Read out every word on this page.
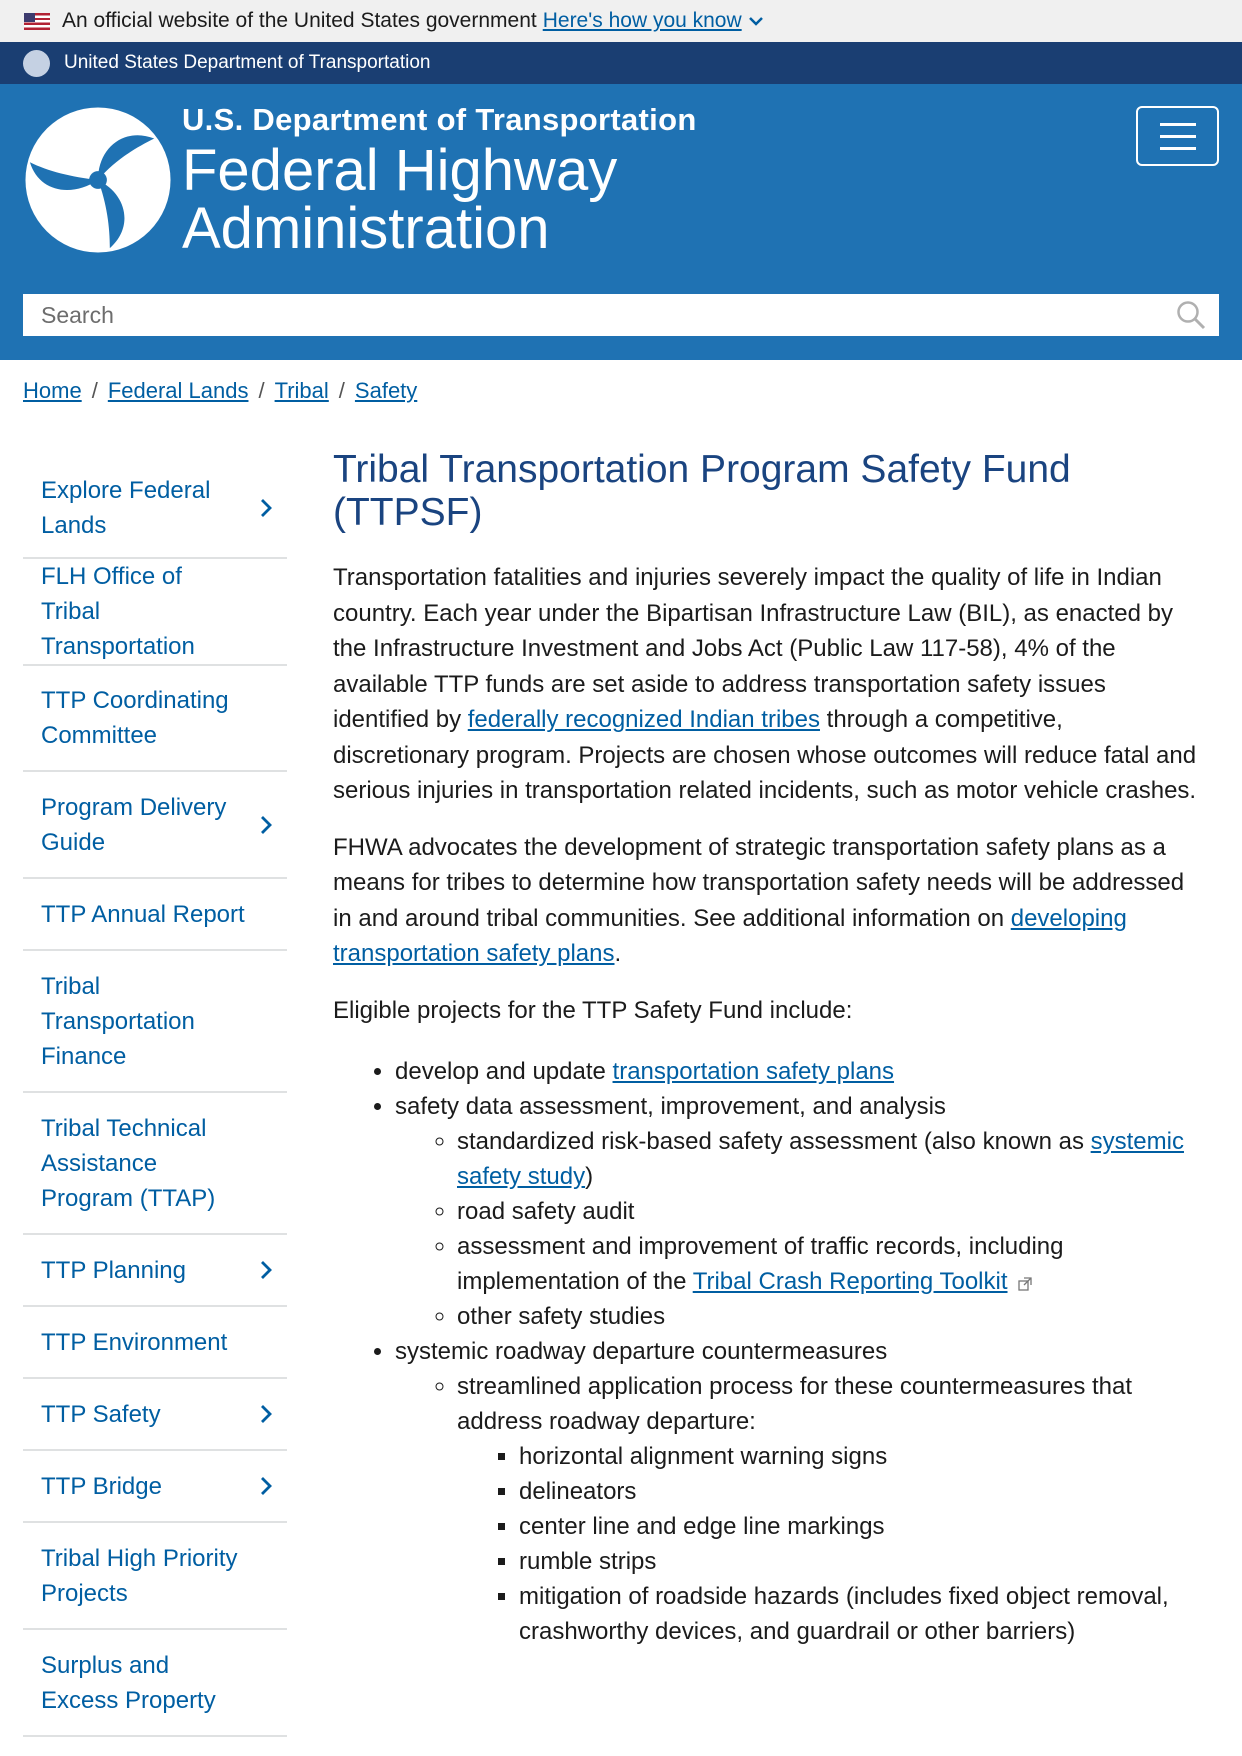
An official website of the United States government Here's how you know
United States Department of Transportation
U.S. Department of Transportation
Federal Highway
Administration
Search
Home / Federal Lands / Tribal / Safety
Explore Federal Lands
FLH Office of Tribal Transportation
TTP Coordinating Committee
Program Delivery Guide
TTP Annual Report
Tribal Transportation Finance
Tribal Technical Assistance Program (TTAP)
TTP Planning
TTP Environment
TTP Safety
TTP Bridge
Tribal High Priority Projects
Surplus and Excess Property
Tribal Transportation Program Safety Fund (TTPSF)

Transportation fatalities and injuries severely impact the quality of life in Indian country. Each year under the Bipartisan Infrastructure Law (BIL), as enacted by the Infrastructure Investment and Jobs Act (Public Law 117-58), 4% of the available TTP funds are set aside to address transportation safety issues identified by federally recognized Indian tribes through a competitive, discretionary program. Projects are chosen whose outcomes will reduce fatal and serious injuries in transportation related incidents, such as motor vehicle crashes.

FHWA advocates the development of strategic transportation safety plans as a means for tribes to determine how transportation safety needs will be addressed in and around tribal communities. See additional information on developing transportation safety plans.

Eligible projects for the TTP Safety Fund include:

• develop and update transportation safety plans
• safety data assessment, improvement, and analysis
◦ standardized risk-based safety assessment (also known as systemic safety study)
◦ road safety audit
◦ assessment and improvement of traffic records, including implementation of the Tribal Crash Reporting Toolkit
◦ other safety studies
• systemic roadway departure countermeasures
◦ streamlined application process for these countermeasures that address roadway departure:
▪ horizontal alignment warning signs
▪ delineators
▪ center line and edge line markings
▪ rumble strips
▪ mitigation of roadside hazards (includes fixed object removal, crashworthy devices, and guardrail or other barriers)
